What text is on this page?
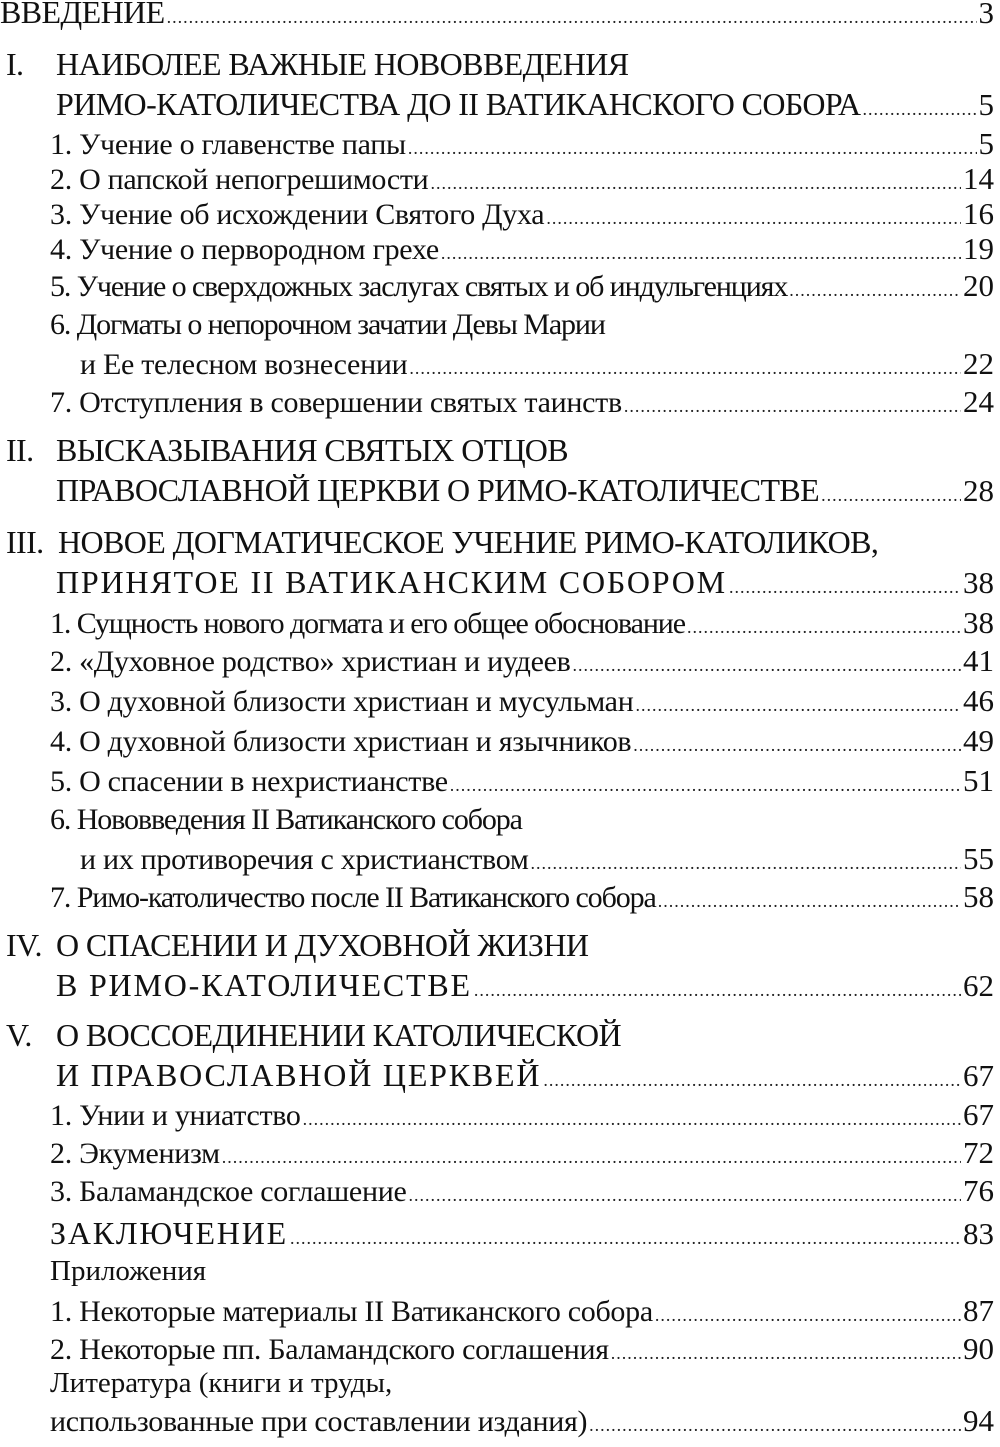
ВВЕДЕНИЕ .....	3
I. НАИБОЛЕЕ ВАЖНЫЕ НОВОВВЕДЕНИЯ
РИМО-КАТОЛИЧЕСТВА ДО II ВАТИКАНСКОГО СОБОРА .....	5
1. Учение о главенстве папы .....	5
2. О папской непогрешимости .....	14
3. Учение об исхождении Святого Духа .....	16
4. Учение о первородном грехе .....	19
5. Учение о сверхдожных заслугах святых и об индульгенциях .....	20
6. Догматы о непорочном зачатии Девы Марии
и Ее телесном вознесении .....	22
7. Отступления в совершении святых таинств .....	24
II. ВЫСКАЗЫВАНИЯ СВЯТЫХ ОТЦОВ
ПРАВОСЛАВНОЙ ЦЕРКВИ О РИМО-КАТОЛИЧЕСТВЕ .....	28
III. НОВОЕ ДОГМАТИЧЕСКОЕ УЧЕНИЕ РИМО-КАТОЛИКОВ,
ПРИНЯТОЕ II ВАТИКАНСКИМ СОБОРОМ .....	38
1. Сущность нового догмата и его общее обоснование .....	38
2. «Духовное родство» христиан и иудеев .....	41
3. О духовной близости христиан и мусульман .....	46
4. О духовной близости христиан и язычников .....	49
5. О спасении в нехристианстве .....	51
6. Нововведения II Ватиканского собора
и их противоречия с христианством .....	55
7. Римо-католичество после II Ватиканского собора .....	58
IV. О СПАСЕНИИ И ДУХОВНОЙ ЖИЗНИ
В РИМО-КАТОЛИЧЕСТВЕ .....	62
V. О ВОССОЕДИНЕНИИ КАТОЛИЧЕСКОЙ
И ПРАВОСЛАВНОЙ ЦЕРКВЕЙ .....	67
1. Унии и униатство .....	67
2. Экуменизм .....	72
3. Баламандское соглашение .....	76
ЗАКЛЮЧЕНИЕ .....	83
Приложения
1. Некоторые материалы II Ватиканского собора .....	87
2. Некоторые пп. Баламандского соглашения .....	90
Литература (книги и труды,
использованные при составлении издания) .....	94
